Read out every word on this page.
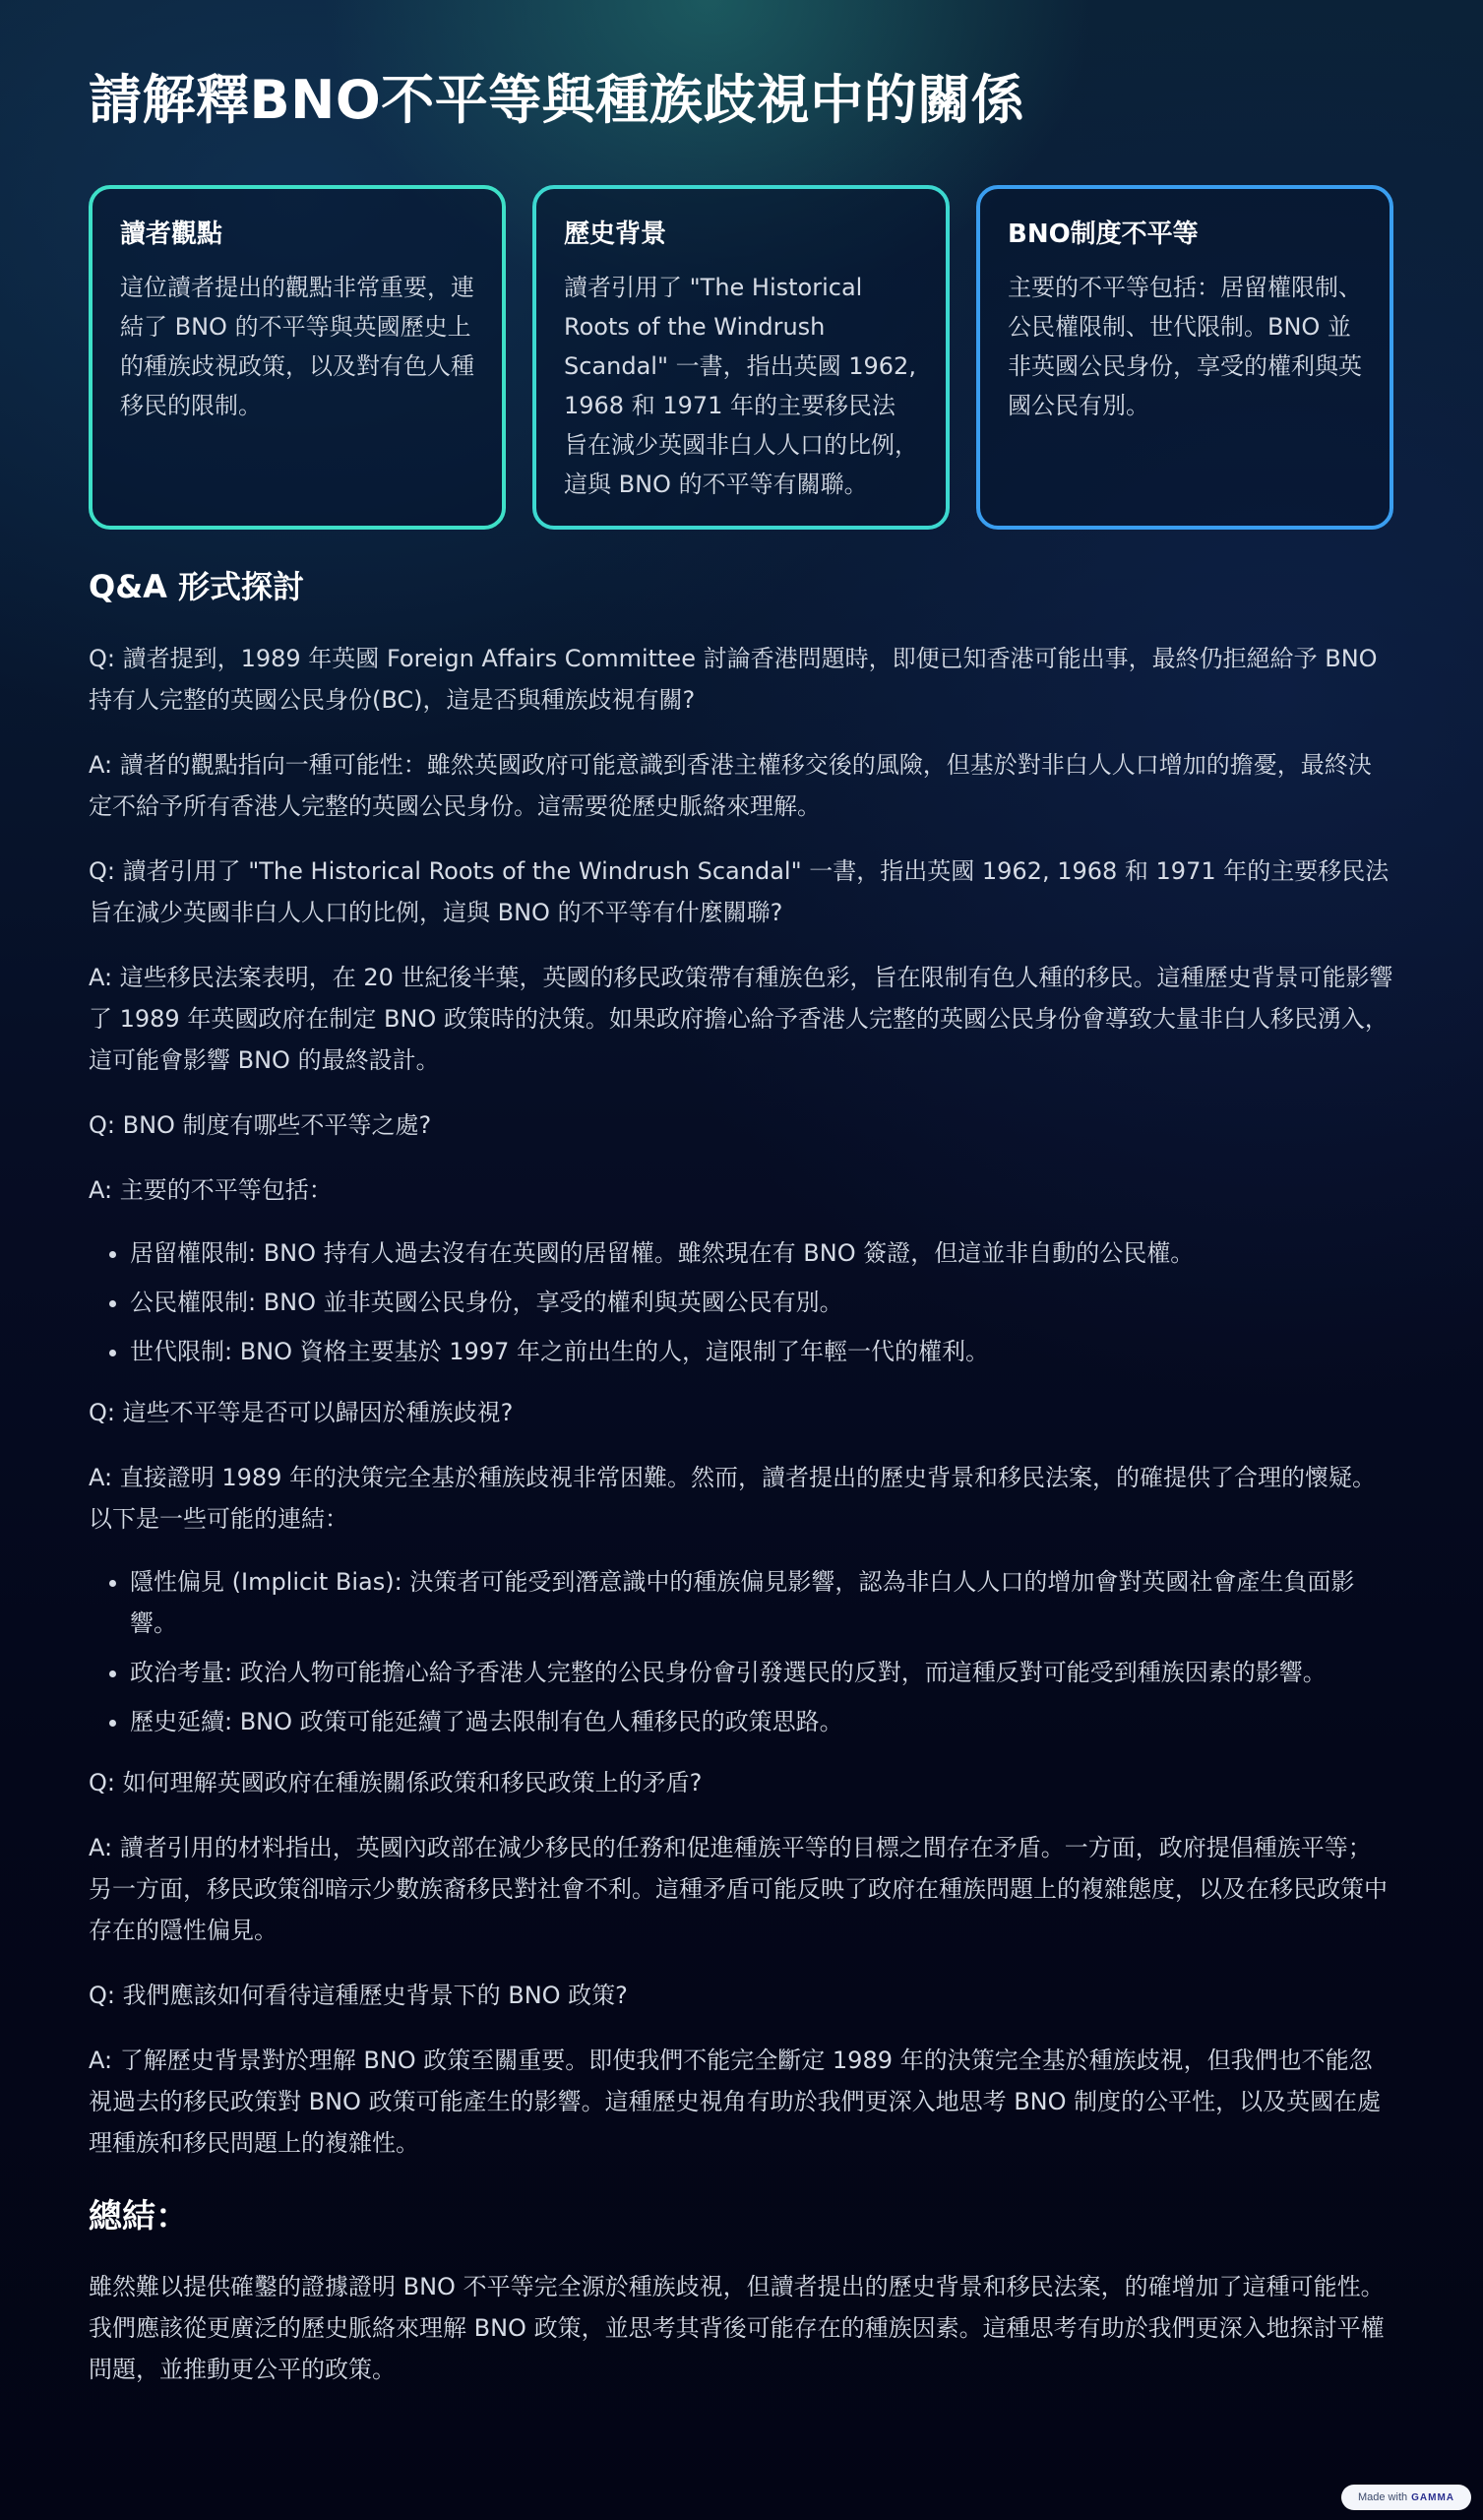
請解釋BNO不平等與種族歧視中的關係
讀者觀點

這位讀者提出的觀點非常重要，連結了 BNO 的不平等與英國歷史上的種族歧視政策，以及對有色人種移民的限制。

歷史背景

讀者引用了 "The Historical Roots of the Windrush Scandal" 一書，指出英國 1962, 1968 和 1971 年的主要移民法旨在減少英國非白人人口的比例，這與 BNO 的不平等有關聯。

BNO制度不平等

主要的不平等包括：居留權限制、公民權限制、世代限制。BNO 並非英國公民身份，享受的權利與英國公民有別。

Q&A 形式探討

Q: 讀者提到，1989 年英國 Foreign Affairs Committee 討論香港問題時，即便已知香港可能出事，最終仍拒絕給予 BNO 持有人完整的英國公民身份(BC)，這是否與種族歧視有關?

A: 讀者的觀點指向一種可能性：雖然英國政府可能意識到香港主權移交後的風險，但基於對非白人人口增加的擔憂，最終決定不給予所有香港人完整的英國公民身份。這需要從歷史脈絡來理解。

Q: 讀者引用了 "The Historical Roots of the Windrush Scandal" 一書，指出英國 1962, 1968 和 1971 年的主要移民法旨在減少英國非白人人口的比例，這與 BNO 的不平等有什麼關聯?

A: 這些移民法案表明，在 20 世紀後半葉，英國的移民政策帶有種族色彩，旨在限制有色人種的移民。這種歷史背景可能影響了 1989 年英國政府在制定 BNO 政策時的決策。如果政府擔心給予香港人完整的英國公民身份會導致大量非白人移民湧入，這可能會影響 BNO 的最終設計。

Q: BNO 制度有哪些不平等之處?

A: 主要的不平等包括：

• 居留權限制: BNO 持有人過去沒有在英國的居留權。雖然現在有 BNO 簽證，但這並非自動的公民權。
• 公民權限制: BNO 並非英國公民身份，享受的權利與英國公民有別。
• 世代限制: BNO 資格主要基於 1997 年之前出生的人，這限制了年輕一代的權利。

Q: 這些不平等是否可以歸因於種族歧視?

A: 直接證明 1989 年的決策完全基於種族歧視非常困難。然而，讀者提出的歷史背景和移民法案，的確提供了合理的懷疑。以下是一些可能的連結：

• 隱性偏見 (Implicit Bias): 決策者可能受到潛意識中的種族偏見影響，認為非白人人口的增加會對英國社會產生負面影響。
• 政治考量: 政治人物可能擔心給予香港人完整的公民身份會引發選民的反對，而這種反對可能受到種族因素的影響。
• 歷史延續: BNO 政策可能延續了過去限制有色人種移民的政策思路。

Q: 如何理解英國政府在種族關係政策和移民政策上的矛盾?

A: 讀者引用的材料指出，英國內政部在減少移民的任務和促進種族平等的目標之間存在矛盾。一方面，政府提倡種族平等；另一方面，移民政策卻暗示少數族裔移民對社會不利。這種矛盾可能反映了政府在種族問題上的複雜態度，以及在移民政策中存在的隱性偏見。

Q: 我們應該如何看待這種歷史背景下的 BNO 政策?

A: 了解歷史背景對於理解 BNO 政策至關重要。即使我們不能完全斷定 1989 年的決策完全基於種族歧視，但我們也不能忽視過去的移民政策對 BNO 政策可能產生的影響。這種歷史視角有助於我們更深入地思考 BNO 制度的公平性，以及英國在處理種族和移民問題上的複雜性。

總結：

雖然難以提供確鑿的證據證明 BNO 不平等完全源於種族歧視，但讀者提出的歷史背景和移民法案，的確增加了這種可能性。我們應該從更廣泛的歷史脈絡來理解 BNO 政策，並思考其背後可能存在的種族因素。這種思考有助於我們更深入地探討平權問題，並推動更公平的政策。

Made with GAMMA
